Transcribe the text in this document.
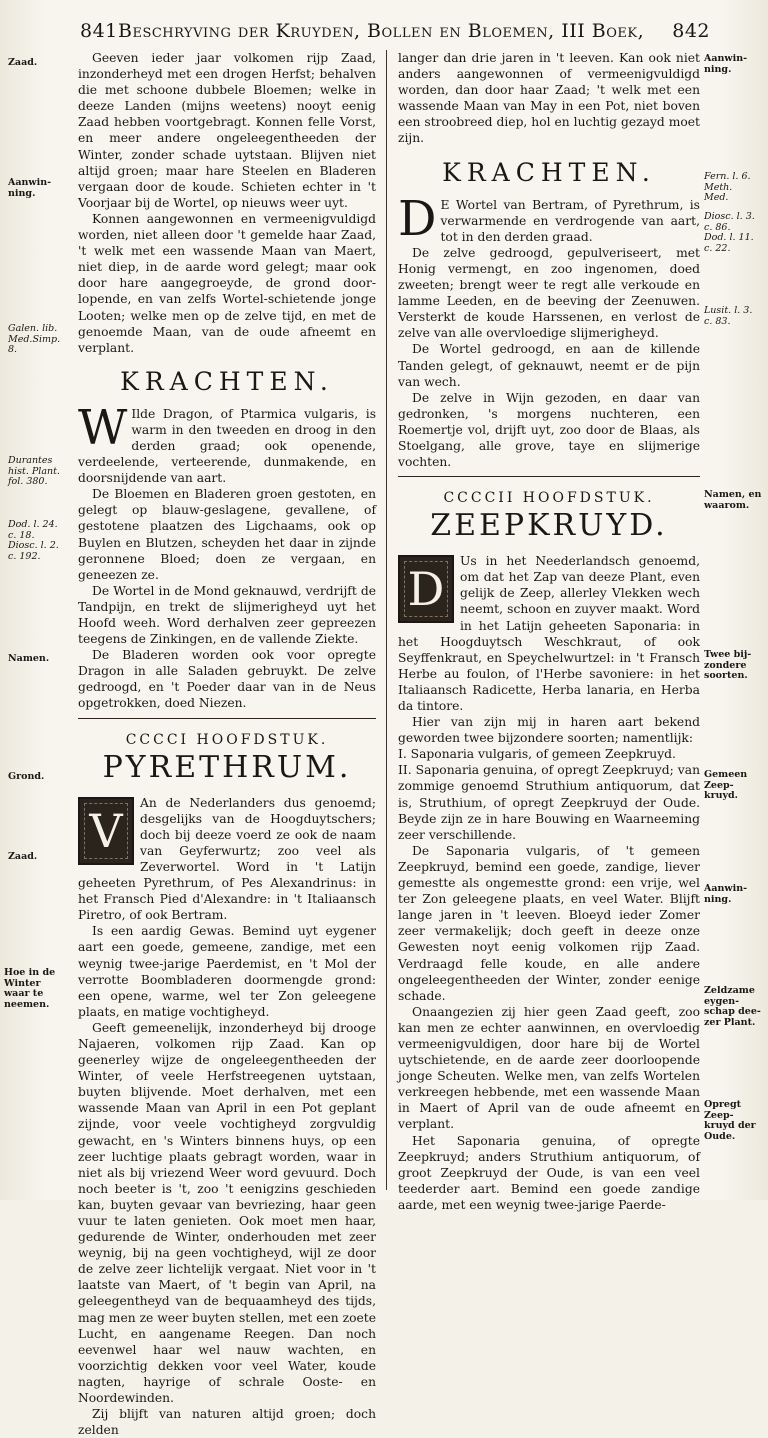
841 Beschryving der Kruyden, Bollen en Bloemen, III Boek, 842
Zaad.
Aanwin-
ning.
Galen. lib.
Med.Simp.
8.
Durantes
hist. Plant.
fol. 380.
Dod. l. 24.
c. 18.
Diosc. l. 2.
c. 192.
Namen.
Grond.
Zaad.
Hoe in de
Winter
waar te
neemen.
Aanwin-
ning.
Fern. l. 6.
Meth.
Med.
Diosc. l. 3.
c. 86.
Dod. l. 11.
c. 22.
Lusit. l. 3.
c. 83.
Namen, en
waarom.
Twee bij-
zondere
soorten.
Gemeen
Zeep-
kruyd.
Aanwin-
ning.
Zeldzame
eygen-
schap dee-
zer Plant.
Opregt
Zeep-
kruyd der
Oude.

Geeven ieder jaar volkomen rijp Zaad, inzonderheyd met een drogen Herfst; behalven die met schoone dubbele Bloemen; welke in deeze Landen (mijns weetens) nooyt eenig Zaad hebben voortgebragt. Konnen felle Vorst, en meer andere ongeleegentheeden der Winter, zonder schade uytstaan. Blijven niet altijd groen; maar hare Steelen en Bladeren vergaan door de koude. Schieten echter in 't Voorjaar bij de Wortel, op nieuws weer uyt.

Konnen aangewonnen en vermeenigvuldigd worden, niet alleen door 't gemelde haar Zaad, 't welk met een wassende Maan van Maert, niet diep, in de aarde word gelegt; maar ook door hare aangegroeyde, de grond door-lopende, en van zelfs Wortel-schietende jonge Looten; welke men op de zelve tijd, en met de genoemde Maan, van de oude afneemt en verplant.

KRACHTEN.
W Ilde Dragon, of Ptarmica vulgaris, is warm in den tweeden en droog in den derden graad; ook openende, verdeelende, verteerende, dunmakende, en doorsnijdende van aart.

De Bloemen en Bladeren groen gestoten, en gelegt op blauw-geslagene, gevallene, of gestotene plaatzen des Ligchaams, ook op Buylen en Blutzen, scheyden het daar in zijnde geronnene Bloed; doen ze vergaan, en geneezen ze.

De Wortel in de Mond geknauwd, verdrijft de Tandpijn, en trekt de slijmerigheyd uyt het Hoofd weeh. Word derhalven zeer gepreezen teegens de Zinkingen, en de vallende Ziekte.

De Bladeren worden ook voor opregte Dragon in alle Saladen gebruykt. De zelve gedroogd, en 't Poeder daar van in de Neus opgetrokken, doed Niezen.

CCCCI HOOFDSTUK.
PYRETHRUM.
V

An de Nederlanders dus genoemd; desgelijks van de Hoogduytschers; doch bij deeze voerd ze ook de naam van Geyferwurtz; zoo veel als Zeverwortel. Word in 't Latijn geheeten Pyrethrum, of Pes Alexandrinus: in het Fransch Pied d'Alexandre: in 't Italiaansch Piretro, of ook Bertram.

Is een aardig Gewas. Bemind uyt eygener aart een goede, gemeene, zandige, met een weynig twee-jarige Paerdemist, en 't Mol der verrotte Boombladeren doormengde grond: een opene, warme, wel ter Zon geleegene plaats, en matige vochtigheyd.

Geeft gemeenelijk, inzonderheyd bij drooge Najaeren, volkomen rijp Zaad. Kan op geenerley wijze de ongeleegentheeden der Winter, of veele Herfstreegenen uytstaan, buyten blijvende. Moet derhalven, met een wassende Maan van April in een Pot geplant zijnde, voor veele vochtigheyd zorgvuldig gewacht, en 's Winters binnens huys, op een zeer luchtige plaats gebragt worden, waar in niet als bij vriezend Weer word gevuurd. Doch noch beeter is 't, zoo 't eenigzins geschieden kan, buyten gevaar van bevriezing, haar geen vuur te laten genieten. Ook moet men haar, gedurende de Winter, onderhouden met zeer weynig, bij na geen vochtigheyd, wijl ze door de zelve zeer lichtelijk vergaat. Niet voor in 't laatste van Maert, of 't begin van April, na geleegentheyd van de bequaamheyd des tijds, mag men ze weer buyten stellen, met een zoete Lucht, en aangename Reegen. Dan noch eevenwel haar wel nauw wachten, en voorzichtig dekken voor veel Water, koude nagten, hayrige of schrale Ooste- en Noordewinden.

Zij blijft van naturen altijd groen; doch zelden

langer dan drie jaren in 't leeven. Kan ook niet anders aangewonnen of vermeenigvuldigd worden, dan door haar Zaad; 't welk met een wassende Maan van May in een Pot, niet boven een stroobreed diep, hol en luchtig gezayd moet zijn.

KRACHTEN.
D E Wortel van Bertram, of Pyrethrum, is verwarmende en verdrogende van aart, tot in den derden graad.

De zelve gedroogd, gepulveriseert, met Honig vermengt, en zoo ingenomen, doed zweeten; brengt weer te regt alle verkoude en lamme Leeden, en de beeving der Zeenuwen. Versterkt de koude Harssenen, en verlost de zelve van alle overvloedige slijmerigheyd.

De Wortel gedroogd, en aan de killende Tanden gelegt, of geknauwt, neemt er de pijn van wech.

De zelve in Wijn gezoden, en daar van gedronken, 's morgens nuchteren, een Roemertje vol, drijft uyt, zoo door de Blaas, als Stoelgang, alle grove, taye en slijmerige vochten.

CCCCII HOOFDSTUK.
ZEEPKRUYD.
D

Us in het Neederlandsch genoemd, om dat het Zap van deeze Plant, even gelijk de Zeep, allerley Vlekken wech neemt, schoon en zuyver maakt. Word in het Latijn geheeten Saponaria: in het Hoogduytsch Weschkraut, of ook Seyffenkraut, en Speychelwurtzel: in 't Fransch Herbe au foulon, of l'Herbe savoniere: in het Italiaansch Radicette, Herba lanaria, en Herba da tintore.

Hier van zijn mij in haren aart bekend geworden twee bijzondere soorten; namentlijk:

I. Saponaria vulgaris, of gemeen Zeepkruyd.

II. Saponaria genuina, of opregt Zeepkruyd; van zommige genoemd Struthium antiquorum, dat is, Struthium, of opregt Zeepkruyd der Oude. Beyde zijn ze in hare Bouwing en Waarneeming zeer verschillende.

De Saponaria vulgaris, of 't gemeen Zeepkruyd, bemind een goede, zandige, liever gemestte als ongemestte grond: een vrije, wel ter Zon geleegene plaats, en veel Water. Blijft lange jaren in 't leeven. Bloeyd ieder Zomer zeer vermakelijk; doch geeft in deeze onze Gewesten noyt eenig volkomen rijp Zaad. Verdraagd felle koude, en alle andere ongeleegentheeden der Winter, zonder eenige schade.

Onaangezien zij hier geen Zaad geeft, zoo kan men ze echter aanwinnen, en overvloedig vermeenigvuldigen, door hare bij de Wortel uytschietende, en de aarde zeer doorloopende jonge Scheuten. Welke men, van zelfs Wortelen verkreegen hebbende, met een wassende Maan in Maert of April van de oude afneemt en verplant.

Het Saponaria genuina, of opregte Zeepkruyd; anders Struthium antiquorum, of groot Zeepkruyd der Oude, is van een veel teederder aart. Bemind een goede zandige aarde, met een weynig twee-jarige Paerde-
